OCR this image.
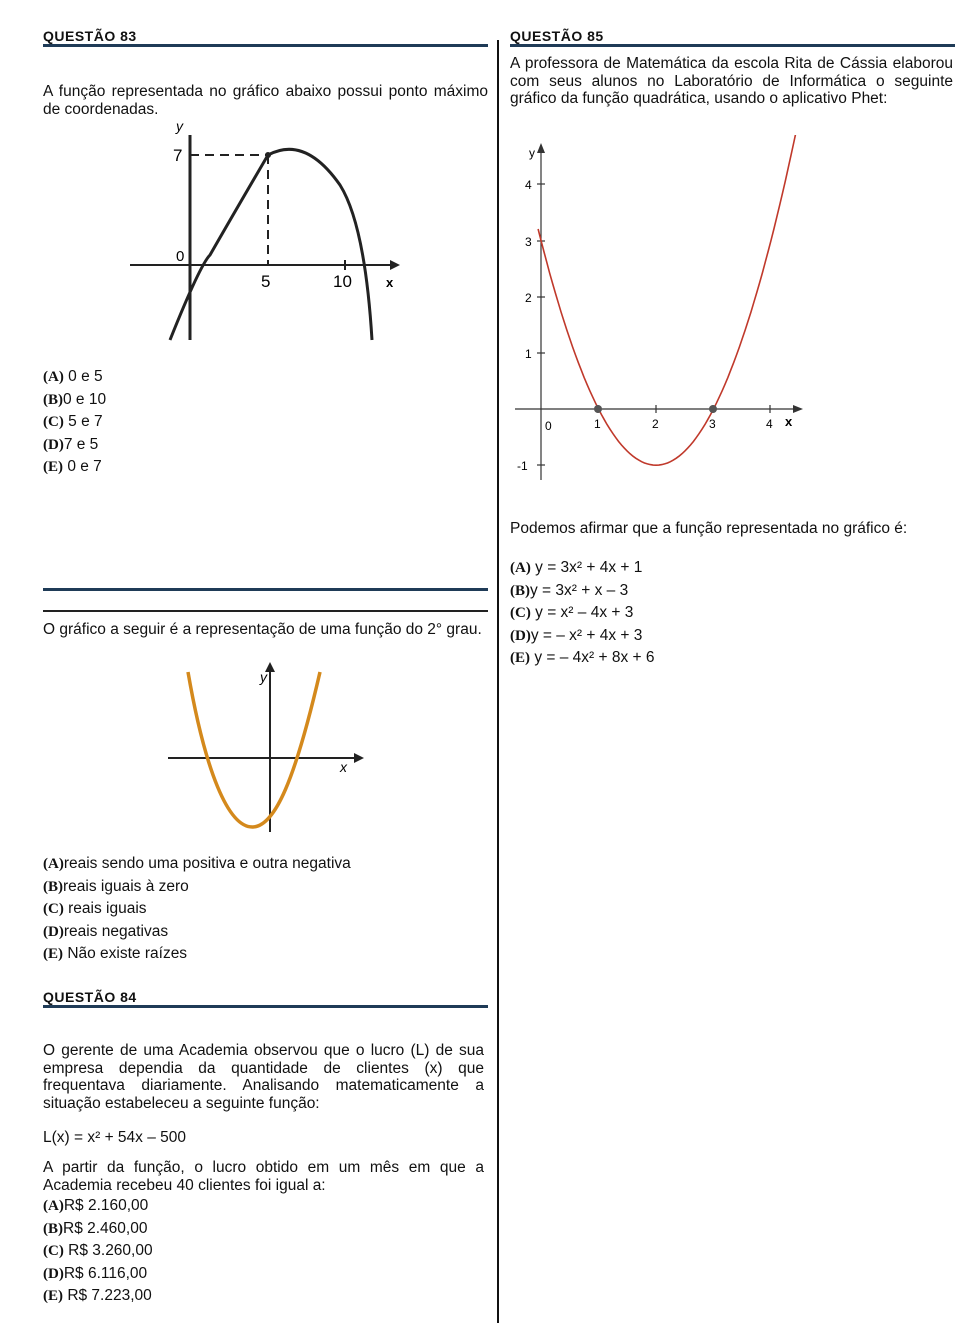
QUESTÃO 83
A função representada no gráfico abaixo possui ponto máximo de coordenadas.
y
7
0
5	10	x
(A) 0 e 5
(B)0 e 10
(C) 5 e 7
(D)7 e 5
(E) 0 e 7
O gráfico a seguir é a representação de uma função do 2° grau.
y
x
(A)reais sendo uma positiva e outra negativa
(B)reais iguais à zero
(C) reais iguais
(D)reais negativas
(E) Não existe raízes
QUESTÃO 84
O gerente de uma Academia observou que o lucro (L) de sua empresa dependia da quantidade de clientes (x) que frequentava diariamente. Analisando matematicamente a situação estabeleceu a seguinte função:
L(x) = x² + 54x – 500
A partir da função, o lucro obtido em um mês em que a Academia recebeu 40 clientes foi igual a:
(A)R$ 2.160,00
(B)R$ 2.460,00
(C) R$ 3.260,00
(D)R$ 6.116,00
(E) R$ 7.223,00
QUESTÃO 85
A professora de Matemática da escola Rita de Cássia elaborou com seus alunos no Laboratório de Informática o seguinte gráfico da função quadrática, usando o aplicativo Phet:
y
x
4
3
2
1
-1
0	1	2	3	4
Podemos afirmar que a função representada no gráfico é:
(A) y = 3x² + 4x + 1
(B)y = 3x² + x – 3
(C) y = x² – 4x + 3
(D)y = – x² + 4x + 3
(E) y = – 4x² + 8x + 6
